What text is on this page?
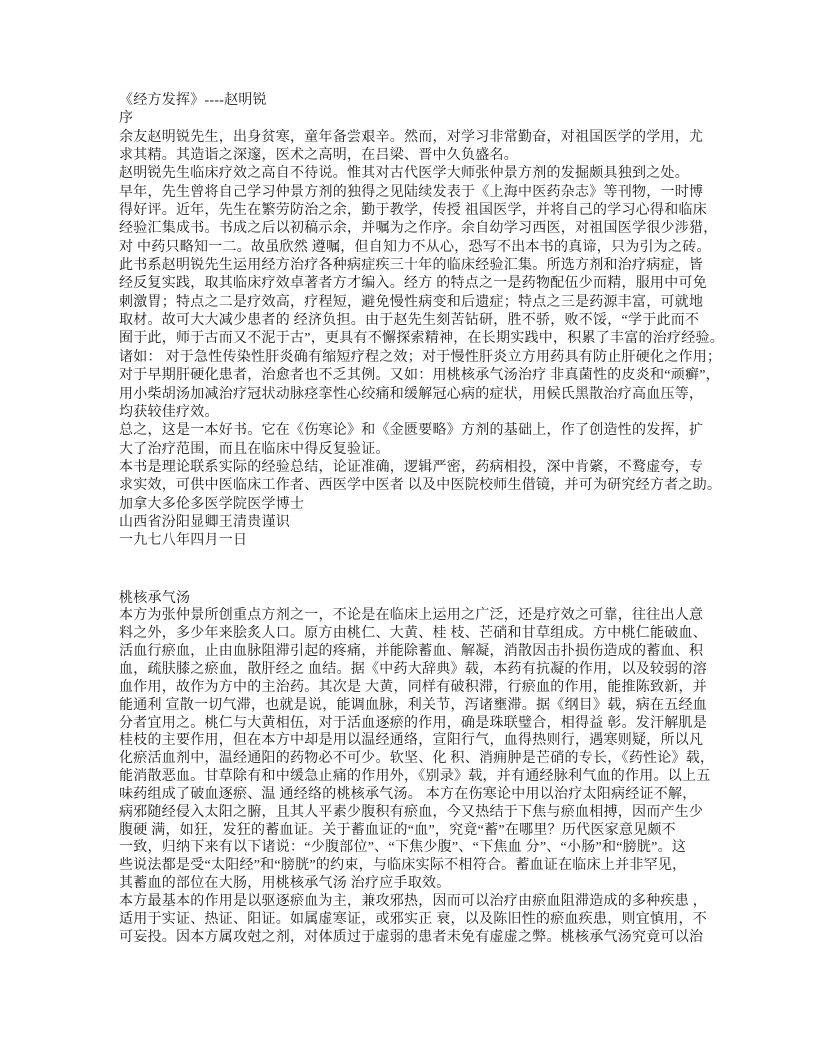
《经方发挥》----赵明锐
序
余友赵明锐先生，出身贫寒，童年备尝艰辛。然而，对学习非常勤奋，对祖国医学的学用，尤
求其精。其造诣之深邃，医术之高明，在吕梁、晋中久负盛名。
赵明锐先生临床疗效之高自不待说。惟其对古代医学大师张仲景方剂的发掘颇具独到之处。
早年，先生曾将自己学习仲景方剂的独得之见陆续发表于《上海中医药杂志》等刊物，一时博
得好评。近年，先生在繁劳防治之余，勤于教学，传授 祖国医学，并将自己的学习心得和临床
经验汇集成书。书成之后以初稿示余，并嘱为之作序。余自幼学习西医，对祖国医学很少涉猎，
对 中药只略知一二。故虽欣然 遵嘱，但自知力不从心，恐写不出本书的真谛，只为引为之砖。
此书系赵明锐先生运用经方治疗各种病症疾三十年的临床经验汇集。所选方剂和治疗病症，皆
经反复实践，取其临床疗效卓著者方才编入。经方 的特点之一是药物配伍少而精，服用中可免
刺激胃；特点之二是疗效高，疗程短，避免慢性病变和后遗症；特点之三是药源丰富，可就地
取材。故可大大减少患者的 经济负担。由于赵先生刻苦钻研，胜不骄，败不馁，“学于此而不
囿于此，师于古而又不泥于古”，更具有不懈探索精神，在长期实践中，积累了丰富的治疗经验。
诸如： 对于急性传染性肝炎确有缩短疗程之效；对于慢性肝炎立方用药具有防止肝硬化之作用；
对于早期肝硬化患者，治愈者也不乏其例。又如：用桃核承气汤治疗 非真菌性的皮炎和“顽癣”，
用小柴胡汤加减治疗冠状动脉痉挛性心绞痛和缓解冠心病的症状，用候氏黑散治疗高血压等，
均获较佳疗效。
总之，这是一本好书。它在《伤寒论》和《金匮要略》方剂的基础上，作了创造性的发挥，扩
大了治疗范围，而且在临床中得反复验证。
本书是理论联系实际的经验总结，论证准确，逻辑严密，药病相投，深中肯綮，不鹜虚夸，专
求实效，可供中医临床工作者、西医学中医者 以及中医院校师生借镜，并可为研究经方者之助。
加拿大多伦多医学院医学博士
山西省汾阳显卿王清贵谨识
一九七八年四月一日
桃核承气汤
本方为张仲景所创重点方剂之一，不论是在临床上运用之广泛，还是疗效之可靠，往往出人意
料之外，多少年来脍炙人口。原方由桃仁、大黄、桂 枝、芒硝和甘草组成。方中桃仁能破血、
活血行瘀血，止由血脉阻滞引起的疼痛，并能除蓄血、解凝，消散因击扑损伤造成的蓄血、积
血，疏肤膝之瘀血，散肝经之 血结。据《中药大辞典》载，本药有抗凝的作用，以及较弱的溶
血作用，故作为方中的主治药。其次是 大黄，同样有破积滞，行瘀血的作用，能推陈致新，并
能通利 宣散一切气滞，也就是说，能调血脉，利关节，泻诸壅滞。据《纲目》载，病在五经血
分者宜用之。桃仁与大黄相伍，对于活血逐瘀的作用，确是珠联璧合，相得益 彰。发汗解肌是
桂枝的主要作用，但在本方中却是用以温经通络，宣阳行气，血得热则行，遇寒则疑，所以凡
化瘀活血剂中，温经通阳的药物必不可少。软坚、化 积、消痈肿是芒硝的专长，《药性论》载，
能消散恶血。甘草除有和中缓急止痛的作用外，《别录》载，并有通经脉利气血的作用。以上五
味药组成了破血逐瘀、温 通经络的桃核承气汤。 本方在伤寒论中用以治疗太阳病经证不解，
病邪随经侵入太阳之腑，且其人平素少腹积有瘀血，今又热结于下焦与瘀血相搏，因而产生少
腹硬 满，如狂，发狂的蓄血证。关于蓄血证的“血”，究竟“蓄”在哪里？历代医家意见颇不
一致，归纳下来有以下诸说：“少腹部位”、“下焦少腹”、“下焦血 分”、“小肠”和“膀胱”。这
些说法都是受“太阳经”和“膀胱”的约束，与临床实际不相符合。蓄血证在临床上并非罕见，
其蓄血的部位在大肠，用桃核承气汤 治疗应手取效。
本方最基本的作用是以驱逐瘀血为主，兼攻邪热，因而可以治疗由瘀血阻滞造成的多种疾患 ，
适用于实证、热证、阳证。如属虚寒证，或邪实正 衰，以及陈旧性的瘀血疾患，则宜慎用，不
可妄投。因本方属攻尅之剂，对体质过于虚弱的患者未免有虚虚之弊。桃核承气汤究竟可以治
